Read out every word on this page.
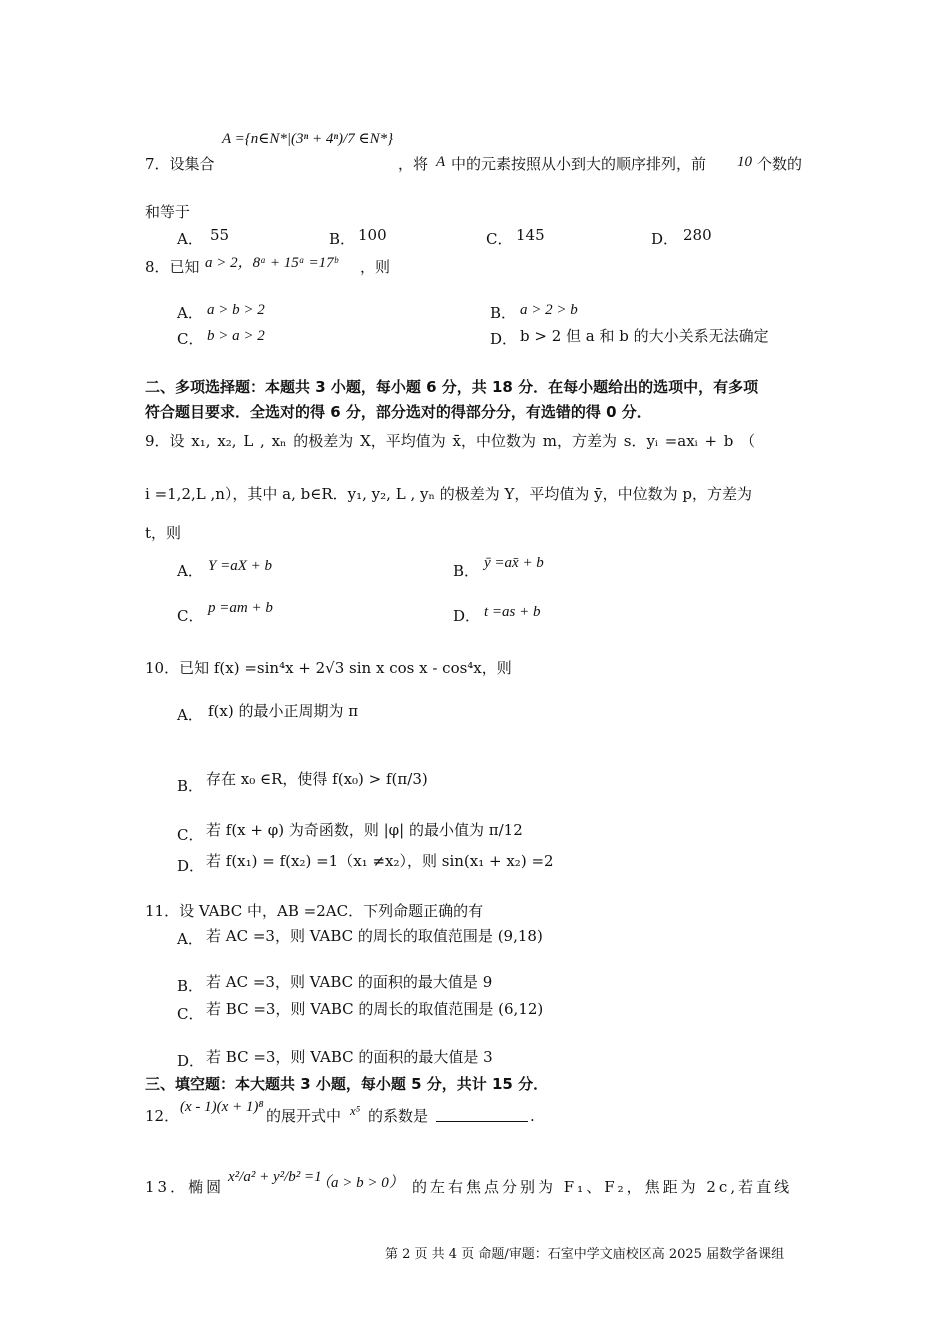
7．设集合
A ={n∈N*|(3ⁿ + 4ⁿ)/7 ∈N*}
，将 A 中的元素按照从小到大的顺序排列，前 10 个数的
和等于
A． 55	B． 100	C． 145	D． 280
8．已知 a > 2，8ᵃ + 15ᵃ =17ᵇ ，则
A． a > b > 2	B． a > 2 > b
C． b > a > 2	D． b > 2 但 a 和 b 的大小关系无法确定
二、多项选择题：本题共 3 小题，每小题 6 分，共 18 分．在每小题给出的选项中，有多项
符合题目要求．全选对的得 6 分，部分选对的得部分分，有选错的得 0 分．
9．设 x₁, x₂, L , xₙ 的极差为 X，平均值为 x̄，中位数为 m，方差为 s．yᵢ =axᵢ + b （
i =1,2,L ,n），其中 a, b∈R．y₁, y₂, L , yₙ 的极差为 Y，平均值为 ȳ，中位数为 p，方差为
t，则
A． Y =aX + b	B． ȳ =ax̄ + b
C． p =am + b	D． t =as + b
10．已知 f(x) =sin⁴x + 2√3 sin x cos x - cos⁴x，则
A． f(x) 的最小正周期为 π
B． 存在 x₀ ∈R，使得 f(x₀) > f(π/3)
C． 若 f(x + φ) 为奇函数，则 |φ| 的最小值为 π/12
D． 若 f(x₁) = f(x₂) =1（x₁ ≠x₂），则 sin(x₁ + x₂) =2
11．设 VABC 中，AB =2AC．下列命题正确的有
A． 若 AC =3，则 VABC 的周长的取值范围是 (9,18)
B． 若 AC =3，则 VABC 的面积的最大值是 9
C． 若 BC =3，则 VABC 的周长的取值范围是 (6,12)
D． 若 BC =3，则 VABC 的面积的最大值是 3
三、填空题：本大题共 3 小题，每小题 5 分，共计 15 分．
12． (x - 1)(x + 1)⁸ 的展开式中 x⁵ 的系数是	.
13．椭圆
x²/a² + y²/b² =1
（a > b > 0） 的左右焦点分别为 F₁、F₂，焦距为 2c,若直线
第 2 页 共 4 页 命题/审题：石室中学文庙校区高 2025 届数学备课组
